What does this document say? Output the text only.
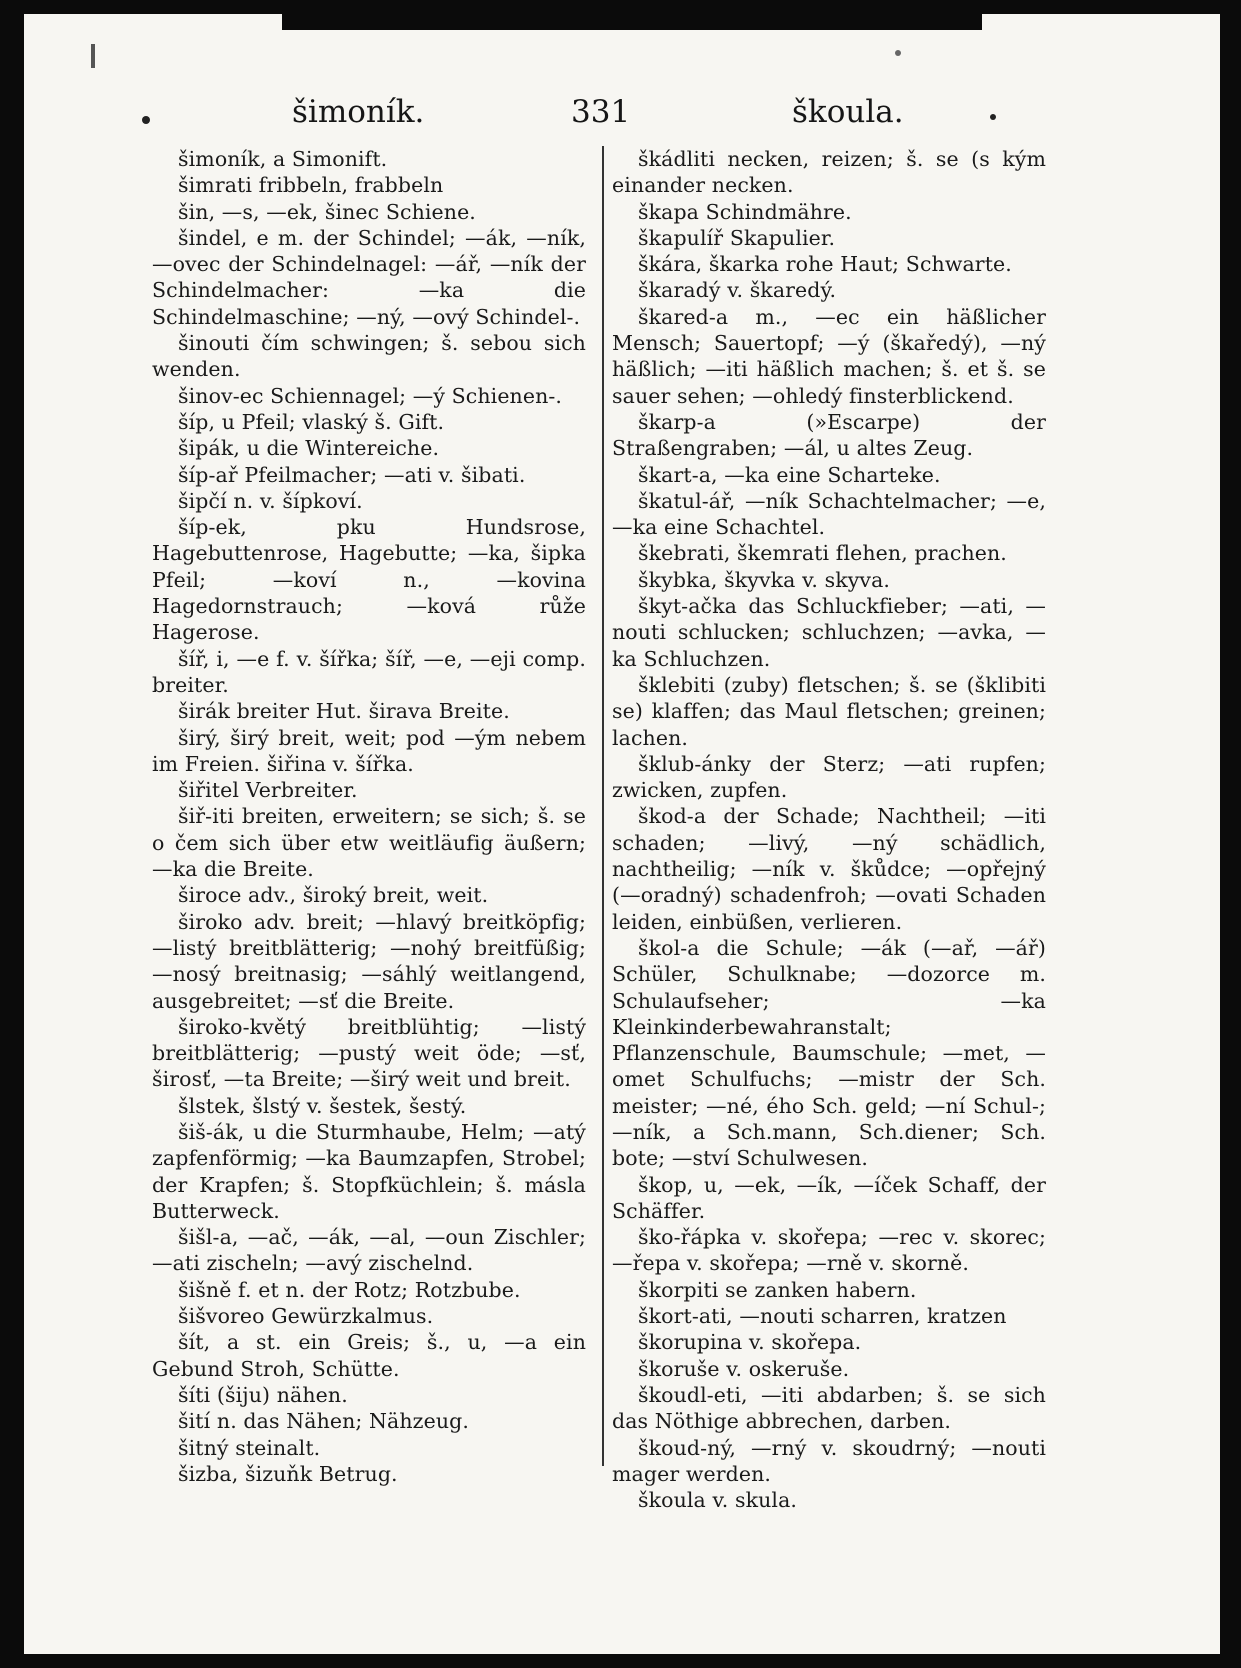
šimoník.	331	škoula.

šimoník, a Simonift.

šimrati fribbeln, frabbeln

šin, —s, —ek, šinec Schiene.

šindel, e m. der Schindel; —ák, —ník, —ovec der Schindelnagel: —ář, —ník der Schindelmacher: —ka die Schindelmaschine; —ný, —ový Schindel-.

šinouti čím schwingen; š. sebou sich wenden.

šinov-ec Schiennagel; —ý Schienen-.

šíp, u Pfeil; vlaský š. Gift.

šipák, u die Wintereiche.

šíp-ař Pfeilmacher; —ati v. šibati.

šipčí n. v. šípkoví.

šíp-ek, pku Hundsrose, Hagebuttenrose, Hagebutte; —ka, šipka Pfeil; —koví n., —kovina Hagedornstrauch; —ková růže Hagerose.

šíř, i, —e f. v. šířka; šíř, —e, —eji comp. breiter.

širák breiter Hut. širava Breite.

širý, širý breit, weit; pod —ým nebem im Freien. šiřina v. šířka.

šiřitel Verbreiter.

šiř-iti breiten, erweitern; se sich; š. se o čem sich über etw weitläufig äußern; —ka die Breite.

široce adv., široký breit, weit.

široko adv. breit; —hlavý breitköpfig; —listý breitblätterig; —nohý breitfüßig; —nosý breitnasig; —sáhlý weitlangend, ausgebreitet; —sť die Breite.

široko-květý breitblühtig; —listý breitblätterig; —pustý weit öde; —sť, širosť, —ta Breite; —širý weit und breit.

šlstek, šlstý v. šestek, šestý.

šiš-ák, u die Sturmhaube, Helm; —atý zapfenförmig; —ka Baumzapfen, Strobel; der Krapfen; š. Stopfküchlein; š. másla Butterweck.

šišl-a, —ač, —ák, —al, —oun Zischler; —ati zischeln; —avý zischelnd.

šišně f. et n. der Rotz; Rotzbube.

šišvoreo Gewürzkalmus.

šít, a st. ein Greis; š., u, —a ein Gebund Stroh, Schütte.

šíti (šiju) nähen.

šití n. das Nähen; Nähzeug.

šitný steinalt.

šizba, šizuňk Betrug.

škádliti necken, reizen; š. se (s kým einander necken.

škapa Schindmähre.

škapulíř Skapulier.

škára, škarka rohe Haut; Schwarte.

škaradý v. škaredý.

škared-a m., —ec ein häßlicher Mensch; Sauertopf; —ý (škaředý), —ný häßlich; —iti häßlich machen; š. et š. se sauer sehen; —ohledý finsterblickend.

škarp-a (»Escarpe) der Straßengraben; —ál, u altes Zeug.

škart-a, —ka eine Scharteke.

škatul-ář, —ník Schachtelmacher; —e, —ka eine Schachtel.

škebrati, škemrati flehen, prachen.

škybka, škyvka v. skyva.

škyt-ačka das Schluckfieber; —ati, —nouti schlucken; schluchzen; —avka, —ka Schluchzen.

šklebiti (zuby) fletschen; š. se (šklibiti se) klaffen; das Maul fletschen; greinen; lachen.

šklub-ánky der Sterz; —ati rupfen; zwicken, zupfen.

škod-a der Schade; Nachtheil; —iti schaden; —livý, —ný schädlich, nachtheilig; —ník v. škůdce; —opřejný (—oradný) schadenfroh; —ovati Schaden leiden, einbüßen, verlieren.

škol-a die Schule; —ák (—ař, —ář) Schüler, Schulknabe; —dozorce m. Schulaufseher; —ka Kleinkinderbewahranstalt; Pflanzenschule, Baumschule; —met, —omet Schulfuchs; —mistr der Sch. meister; —né, ého Sch. geld; —ní Schul-; —ník, a Sch.mann, Sch.diener; Sch. bote; —ství Schulwesen.

škop, u, —ek, —ík, —íček Schaff, der Schäffer.

ško-řápka v. skořepa; —rec v. skorec; —řepa v. skořepa; —rně v. skorně.

škorpiti se zanken habern.

škort-ati, —nouti scharren, kratzen

škorupina v. skořepa.

škoruše v. oskeruše.

škoudl-eti, —iti abdarben; š. se sich das Nöthige abbrechen, darben.

škoud-ný, —rný v. skoudrný; —nouti mager werden.

škoula v. skula.
